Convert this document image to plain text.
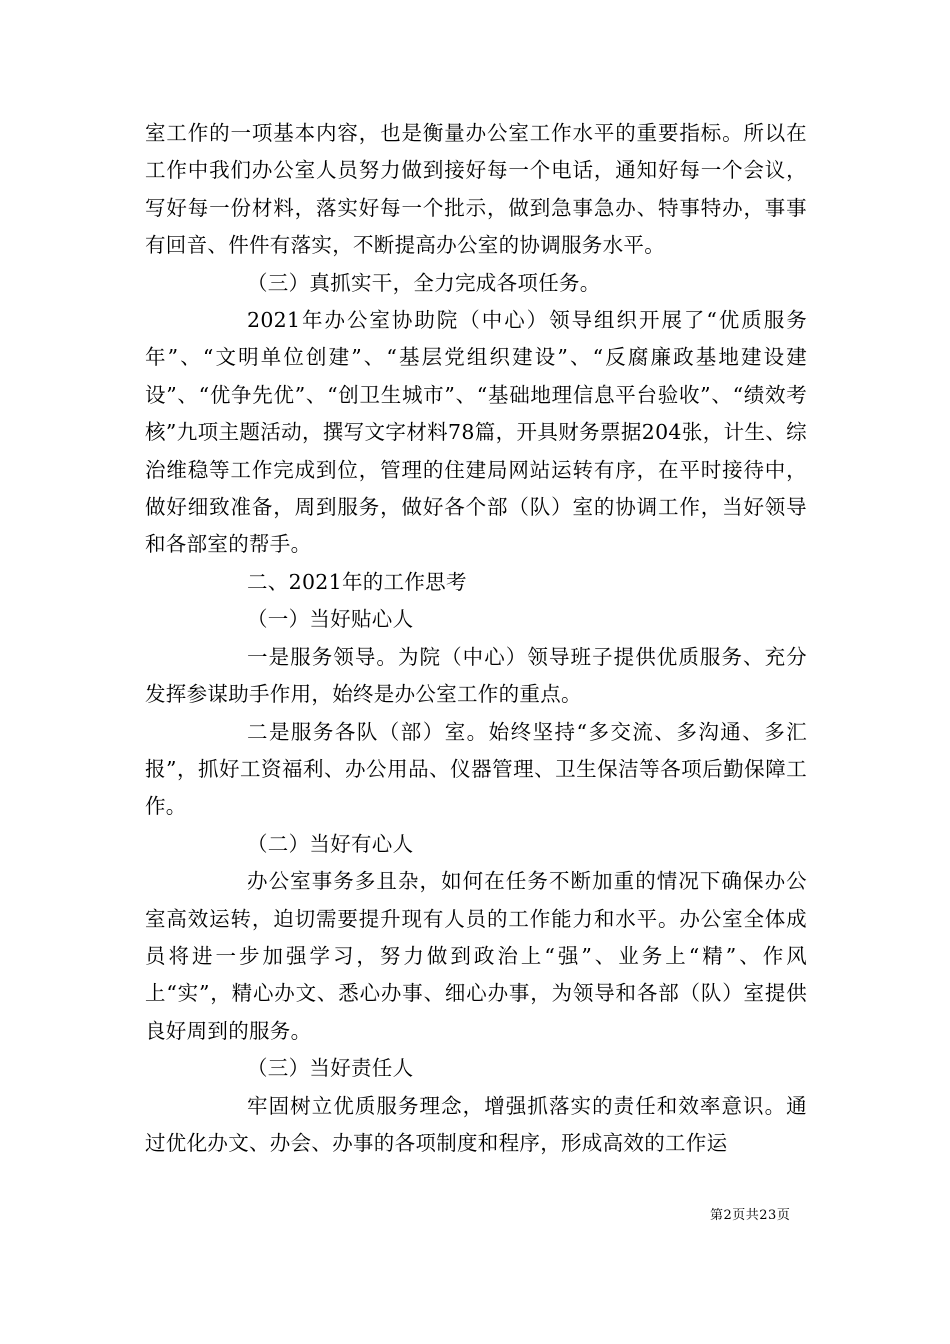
室工作的一项基本内容，也是衡量办公室工作水平的重要指标。所以在工作中我们办公室人员努力做到接好每一个电话，通知好每一个会议，写好每一份材料，落实好每一个批示，做到急事急办、特事特办，事事有回音、件件有落实，不断提高办公室的协调服务水平。

（三）真抓实干，全力完成各项任务。

2021年办公室协助院（中心）领导组织开展了“优质服务年”、“文明单位创建”、“基层党组织建设”、“反腐廉政基地建设建设”、“优争先优”、“创卫生城市”、“基础地理信息平台验收”、“绩效考核”九项主题活动，撰写文字材料78篇，开具财务票据204张，计生、综治维稳等工作完成到位，管理的住建局网站运转有序，在平时接待中，做好细致准备，周到服务，做好各个部（队）室的协调工作，当好领导和各部室的帮手。

二、2021年的工作思考

（一）当好贴心人

一是服务领导。为院（中心）领导班子提供优质服务、充分发挥参谋助手作用，始终是办公室工作的重点。

二是服务各队（部）室。始终坚持“多交流、多沟通、多汇报”，抓好工资福利、办公用品、仪器管理、卫生保洁等各项后勤保障工作。

（二）当好有心人

办公室事务多且杂，如何在任务不断加重的情况下确保办公室高效运转，迫切需要提升现有人员的工作能力和水平。办公室全体成员将进一步加强学习，努力做到政治上“强”、业务上“精”、作风上“实”，精心办文、悉心办事、细心办事，为领导和各部（队）室提供良好周到的服务。

（三）当好责任人

牢固树立优质服务理念，增强抓落实的责任和效率意识。通过优化办文、办会、办事的各项制度和程序，形成高效的工作运

第2页共23页
